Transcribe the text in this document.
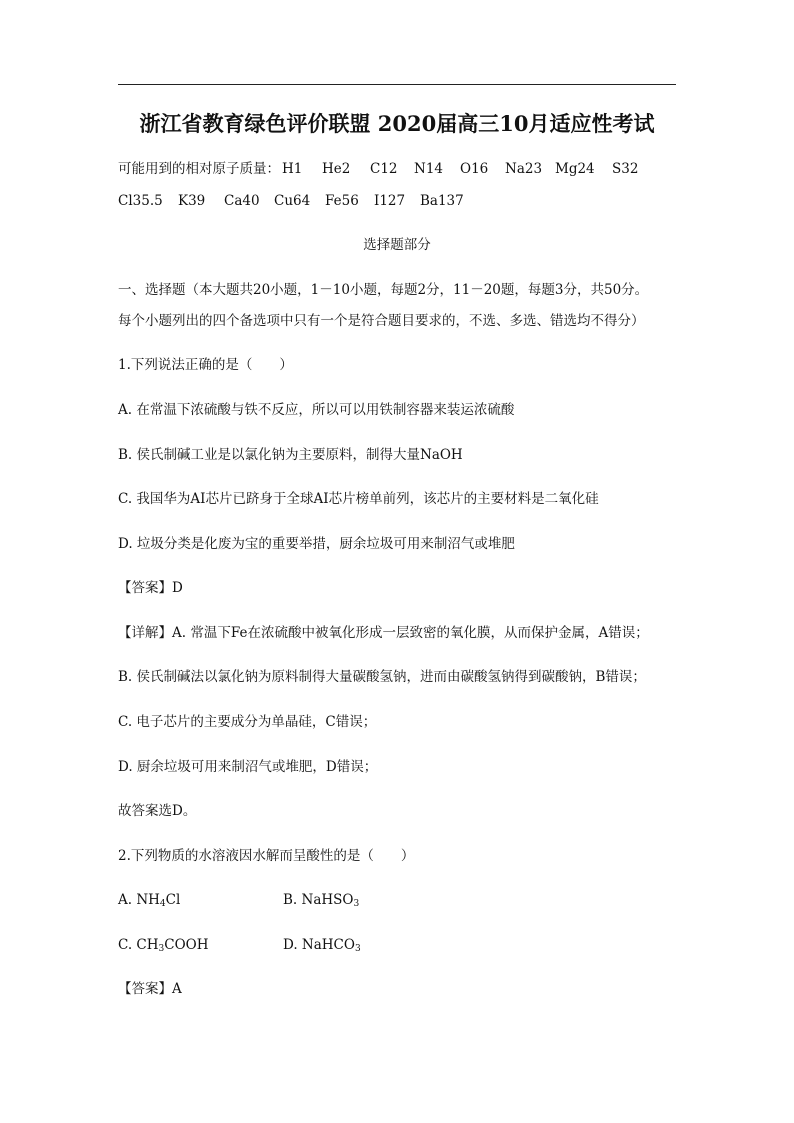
浙江省教育绿色评价联盟 2020届高三10月适应性考试
可能用到的相对原子质量： H1 He2 C12 N14 O16 Na23 Mg24 S32
Cl35.5 K39 Ca40 Cu64 Fe56 I127 Ba137
选择题部分
一、选择题（本大题共20小题，1－10小题，每题2分，11－20题，每题3分，共50分。
每个小题列出的四个备选项中只有一个是符合题目要求的，不选、多选、错选均不得分）
1.下列说法正确的是（　　）
A. 在常温下浓硫酸与铁不反应，所以可以用铁制容器来装运浓硫酸
B. 侯氏制碱工业是以氯化钠为主要原料，制得大量NaOH
C. 我国华为AI芯片已跻身于全球AI芯片榜单前列，该芯片的主要材料是二氧化硅
D. 垃圾分类是化废为宝的重要举措，厨余垃圾可用来制沼气或堆肥
【答案】D
【详解】A. 常温下Fe在浓硫酸中被氧化形成一层致密的氧化膜，从而保护金属，A错误；
B. 侯氏制碱法以氯化钠为原料制得大量碳酸氢钠，进而由碳酸氢钠得到碳酸钠，B错误；
C. 电子芯片的主要成分为单晶硅，C错误；
D. 厨余垃圾可用来制沼气或堆肥，D错误；
故答案选D。
2.下列物质的水溶液因水解而呈酸性的是（　　）
A. $NH_4Cl$	B. NaHSO$_3$
C. $CH_3COOH$	D. NaHCO$_3$
【答案】A
